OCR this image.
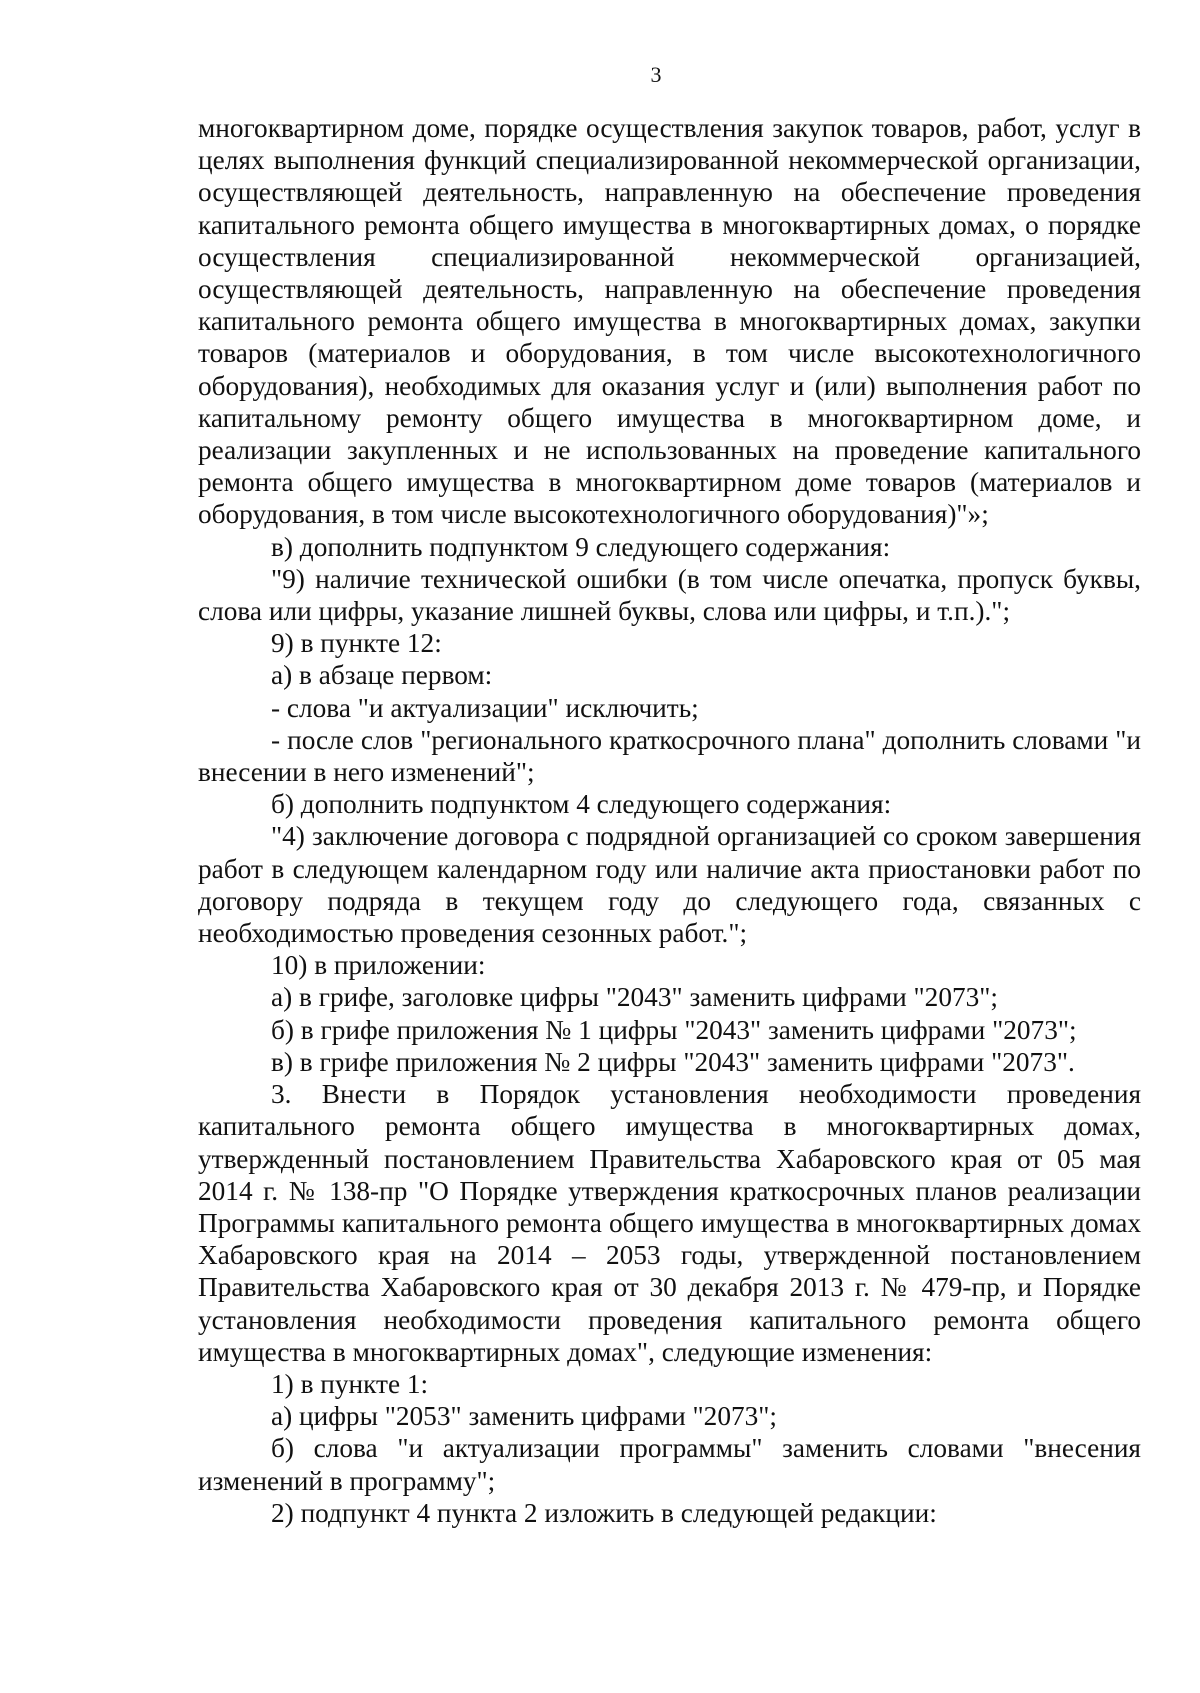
3

многоквартирном доме, порядке осуществления закупок товаров, работ, услуг в целях выполнения функций специализированной некоммерческой организации, осуществляющей деятельность, направленную на обеспечение проведения капитального ремонта общего имущества в многоквартирных домах, о порядке осуществления специализированной некоммерческой организацией, осуществляющей деятельность, направленную на обеспечение проведения капитального ремонта общего имущества в многоквартирных домах, закупки товаров (материалов и оборудования, в том числе высокотехнологичного оборудования), необходимых для оказания услуг и (или) выполнения работ по капитальному ремонту общего имущества в многоквартирном доме, и реализации закупленных и не использованных на проведение капитального ремонта общего имущества в многоквартирном доме товаров (материалов и оборудования, в том числе высокотехнологичного оборудования)"»;

в) дополнить подпунктом 9 следующего содержания:

"9) наличие технической ошибки (в том числе опечатка, пропуск буквы, слова или цифры, указание лишней буквы, слова или цифры, и т.п.).";

9) в пункте 12:

а) в абзаце первом:

- слова "и актуализации" исключить;

- после слов "регионального краткосрочного плана" дополнить словами "и внесении в него изменений";

б) дополнить подпунктом 4 следующего содержания:

"4) заключение договора с подрядной организацией со сроком завершения работ в следующем календарном году или наличие акта приостановки работ по договору подряда в текущем году до следующего года, связанных с необходимостью проведения сезонных работ.";

10) в приложении:

а) в грифе, заголовке цифры "2043" заменить цифрами "2073";

б) в грифе приложения № 1 цифры "2043" заменить цифрами "2073";

в) в грифе приложения № 2 цифры "2043" заменить цифрами "2073".

3. Внести в Порядок установления необходимости проведения капитального ремонта общего имущества в многоквартирных домах, утвержденный постановлением Правительства Хабаровского края от 05 мая 2014 г. № 138-пр "О Порядке утверждения краткосрочных планов реализации Программы капитального ремонта общего имущества в многоквартирных домах Хабаровского края на 2014 – 2053 годы, утвержденной постановлением Правительства Хабаровского края от 30 декабря 2013 г. № 479-пр, и Порядке установления необходимости проведения капитального ремонта общего имущества в многоквартирных домах", следующие изменения:

1) в пункте 1:

а) цифры "2053" заменить цифрами "2073";

б) слова "и актуализации программы" заменить словами "внесения изменений в программу";

2) подпункт 4 пункта 2 изложить в следующей редакции:
